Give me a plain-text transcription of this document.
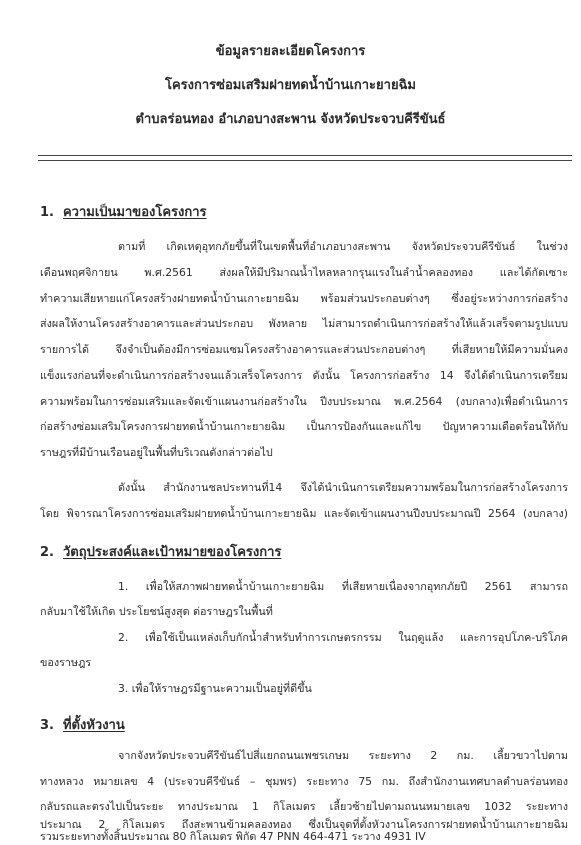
ข้อมูลรายละเอียดโครงการ
โครงการซ่อมเสริมฝายทดน้ำบ้านเกาะยายฉิม
ตำบลร่อนทอง อำเภอบางสะพาน จังหวัดประจวบคีรีขันธ์
1. ความเป็นมาของโครงการ
ตามที่ เกิดเหตุอุทกภัยขึ้นที่ในเขตพื้นที่อำเภอบางสะพาน จังหวัดประจวบคีรีขันธ์ ในช่วง
เดือนพฤศจิกายน พ.ศ.2561 ส่งผลให้มีปริมาณน้ำไหลหลากรุนแรงในลำน้ำคลองทอง และได้กัดเซาะ
ทำความเสียหายแก่โครงสร้างฝายทดน้ำบ้านเกาะยายฉิม พร้อมส่วนประกอบต่างๆ ซึ่งอยู่ระหว่างการก่อสร้าง
ส่งผลให้งานโครงสร้างอาคารและส่วนประกอบ พังหลาย ไม่สามารถดำเนินการก่อสร้างให้แล้วเสร็จตามรูปแบบ
รายการได้ จึงจำเป็นต้องมีการซ่อมแซมโครงสร้างอาคารและส่วนประกอบต่างๆ ที่เสียหายให้มีความมั่นคง
แข็งแรงก่อนที่จะดำเนินการก่อสร้างจนแล้วเสร็จโครงการ ดังนั้น โครงการก่อสร้าง 14 จึงได้ดำเนินการเตรียม
ความพร้อมในการซ่อมเสริมและจัดเข้าแผนงานก่อสร้างใน ปีงบประมาณ พ.ศ.2564 (งบกลาง)เพื่อดำเนินการ
ก่อสร้างซ่อมเสริมโครงการฝายทดน้ำบ้านเกาะยายฉิม เป็นการป้องกันและแก้ไข ปัญหาความเดือดร้อนให้กับ
ราษฎรที่มีบ้านเรือนอยู่ในพื้นที่บริเวณดังกล่าวต่อไป
ดังนั้น สำนักงานชลประทานที่14 จึงได้นำเนินการเตรียมความพร้อมในการก่อสร้างโครงการ
โดย พิจารณาโครงการซ่อมเสริมฝายทดน้ำบ้านเกาะยายฉิม และจัดเข้าแผนงานปีงบประมาณปี 2564 (งบกลาง)
2. วัตถุประสงค์และเป้าหมายของโครงการ
1. เพื่อให้สภาพฝายทดน้ำบ้านเกาะยายฉิม ที่เสียหายเนื่องจากอุทกภัยปี 2561 สามารถ
กลับมาใช้ให้เกิด ประโยชน์สูงสุด ต่อราษฎรในพื้นที่
2. เพื่อใช้เป็นแหล่งเก็บกักน้ำสำหรับทำการเกษตรกรรม ในฤดูแล้ง และการอุปโภค-บริโภค
ของราษฎร
3. เพื่อให้ราษฎรมีฐานะความเป็นอยู่ที่ดีขึ้น
3. ที่ตั้งหัวงาน
จากจังหวัดประจวบคีรีขันธ์ไปสี่แยกถนนเพชรเกษม ระยะทาง 2 กม. เลี้ยวขวาไปตาม
ทางหลวง หมายเลข 4 (ประจวบคีรีขันธ์ – ชุมพร) ระยะทาง 75 กม. ถึงสำนักงานเทศบาลตำบลร่อนทอง
กลับรถและตรงไปเป็นระยะ ทางประมาณ 1 กิโลเมตร เลี้ยวซ้ายไปตามถนนหมายเลข 1032 ระยะทาง
ประมาณ 2 กิโลเมตร ถึงสะพานข้ามคลองทอง ซึ่งเป็นจุดที่ตั้งหัวงานโครงการฝายทดน้ำบ้านเกาะยายฉิม
รวมระยะทางทั้งสิ้นประมาณ 80 กิโลเมตร พิกัด 47 PNN 464-471 ระวาง 4931 IV
